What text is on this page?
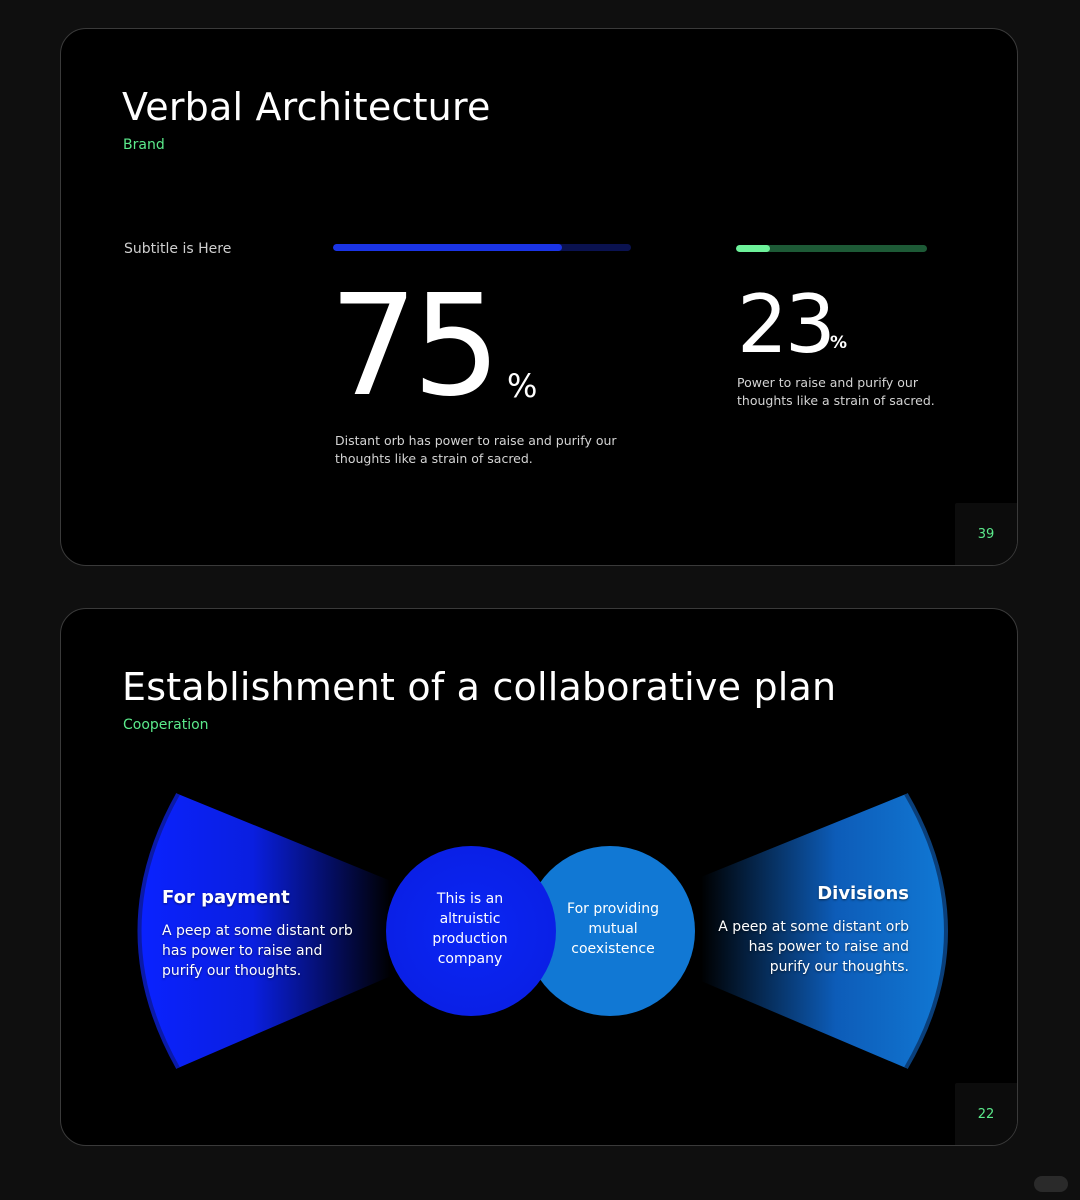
Verbal Architecture
Brand
Subtitle is Here
75 %
Distant orb has power to raise and purify our thoughts like a strain of sacred.
23
%
Power to raise and purify our thoughts like a strain of sacred.
39
Establishment of a collaborative plan
Cooperation
For payment
A peep at some distant orb has power to raise and purify our thoughts.
This is an altruistic production company
For providing mutual coexistence
Divisions
A peep at some distant orb has power to raise and purify our thoughts.
22
